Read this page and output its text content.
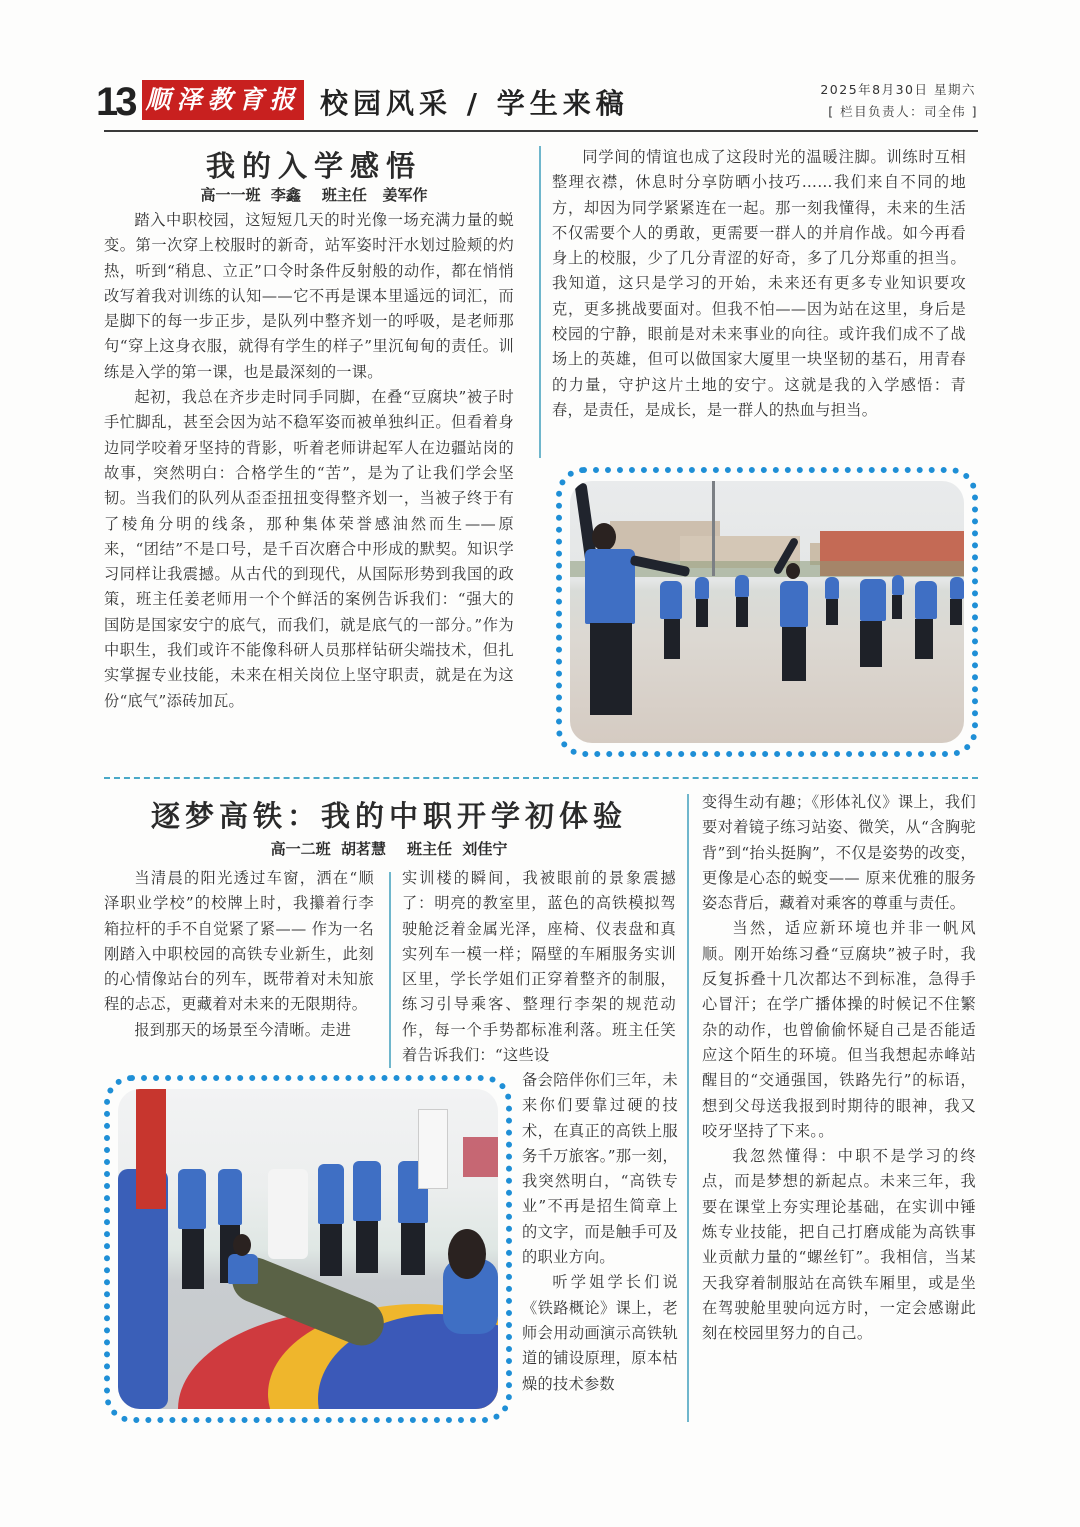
13 顺泽教育报 校园风采 / 学生来稿	2025年8月30日 星期六
[ 栏目负责人：司全伟 ]
我的入学感悟
高一一班  李鑫    班主任   姜军作

踏入中职校园，这短短几天的时光像一场充满力量的蜕变。第一次穿上校服时的新奇，站军姿时汗水划过脸颊的灼热，听到“稍息、立正”口令时条件反射般的动作，都在悄悄改写着我对训练的认知——它不再是课本里遥远的词汇，而是脚下的每一步正步，是队列中整齐划一的呼吸，是老师那句“穿上这身衣服，就得有学生的样子”里沉甸甸的责任。训练是入学的第一课，也是最深刻的一课。

起初，我总在齐步走时同手同脚，在叠“豆腐块”被子时手忙脚乱，甚至会因为站不稳军姿而被单独纠正。但看着身边同学咬着牙坚持的背影，听着老师讲起军人在边疆站岗的故事，突然明白：合格学生的“苦”，是为了让我们学会坚韧。当我们的队列从歪歪扭扭变得整齐划一，当被子终于有了棱角分明的线条，那种集体荣誉感油然而生——原来，“团结”不是口号，是千百次磨合中形成的默契。知识学习同样让我震撼。从古代的到现代，从国际形势到我国的政策，班主任姜老师用一个个鲜活的案例告诉我们：“强大的国防是国家安宁的底气，而我们，就是底气的一部分。”作为中职生，我们或许不能像科研人员那样钻研尖端技术，但扎实掌握专业技能，未来在相关岗位上坚守职责，就是在为这份“底气”添砖加瓦。

同学间的情谊也成了这段时光的温暖注脚。训练时互相整理衣襟，休息时分享防晒小技巧……我们来自不同的地方，却因为同学紧紧连在一起。那一刻我懂得，未来的生活不仅需要个人的勇敢，更需要一群人的并肩作战。如今再看身上的校服，少了几分青涩的好奇，多了几分郑重的担当。我知道，这只是学习的开始，未来还有更多专业知识要攻克，更多挑战要面对。但我不怕——因为站在这里，身后是校园的宁静，眼前是对未来事业的向往。或许我们成不了战场上的英雄，但可以做国家大厦里一块坚韧的基石，用青春的力量，守护这片土地的安宁。这就是我的入学感悟：青春，是责任，是成长，是一群人的热血与担当。

逐梦高铁：我的中职开学初体验
高一二班  胡茗慧    班主任  刘佳宁

当清晨的阳光透过车窗，洒在“顺泽职业学校”的校牌上时，我攥着行李箱拉杆的手不自觉紧了紧—— 作为一名刚踏入中职校园的高铁专业新生，此刻的心情像站台的列车，既带着对未知旅程的忐忑，更藏着对未来的无限期待。

报到那天的场景至今清晰。走进

实训楼的瞬间，我被眼前的景象震撼了：明亮的教室里，蓝色的高铁模拟驾驶舱泛着金属光泽，座椅、仪表盘和真实列车一模一样；隔壁的车厢服务实训区里，学长学姐们正穿着整齐的制服，练习引导乘客、整理行李架的规范动作，每一个手势都标准利落。班主任笑着告诉我们：“这些设

备会陪伴你们三年，未来你们要靠过硬的技术，在真正的高铁上服务千万旅客。”那一刻，我突然明白，“高铁专业”不再是招生简章上的文字，而是触手可及的职业方向。

听学姐学长们说《铁路概论》课上，老师会用动画演示高铁轨道的铺设原理，原本枯燥的技术参数

变得生动有趣；《形体礼仪》课上，我们要对着镜子练习站姿、微笑，从“含胸驼背”到“抬头挺胸”，不仅是姿势的改变，更像是心态的蜕变—— 原来优雅的服务姿态背后，藏着对乘客的尊重与责任。

当然，适应新环境也并非一帆风顺。刚开始练习叠“豆腐块”被子时，我反复拆叠十几次都达不到标准，急得手心冒汗；在学广播体操的时候记不住繁杂的动作，也曾偷偷怀疑自己是否能适应这个陌生的环境。但当我想起赤峰站醒目的“交通强国，铁路先行”的标语，想到父母送我报到时期待的眼神，我又咬牙坚持了下来。。

我忽然懂得：中职不是学习的终点，而是梦想的新起点。未来三年，我要在课堂上夯实理论基础，在实训中锤炼专业技能，把自己打磨成能为高铁事业贡献力量的“螺丝钉”。我相信，当某天我穿着制服站在高铁车厢里，或是坐在驾驶舱里驶向远方时，一定会感谢此刻在校园里努力的自己。
